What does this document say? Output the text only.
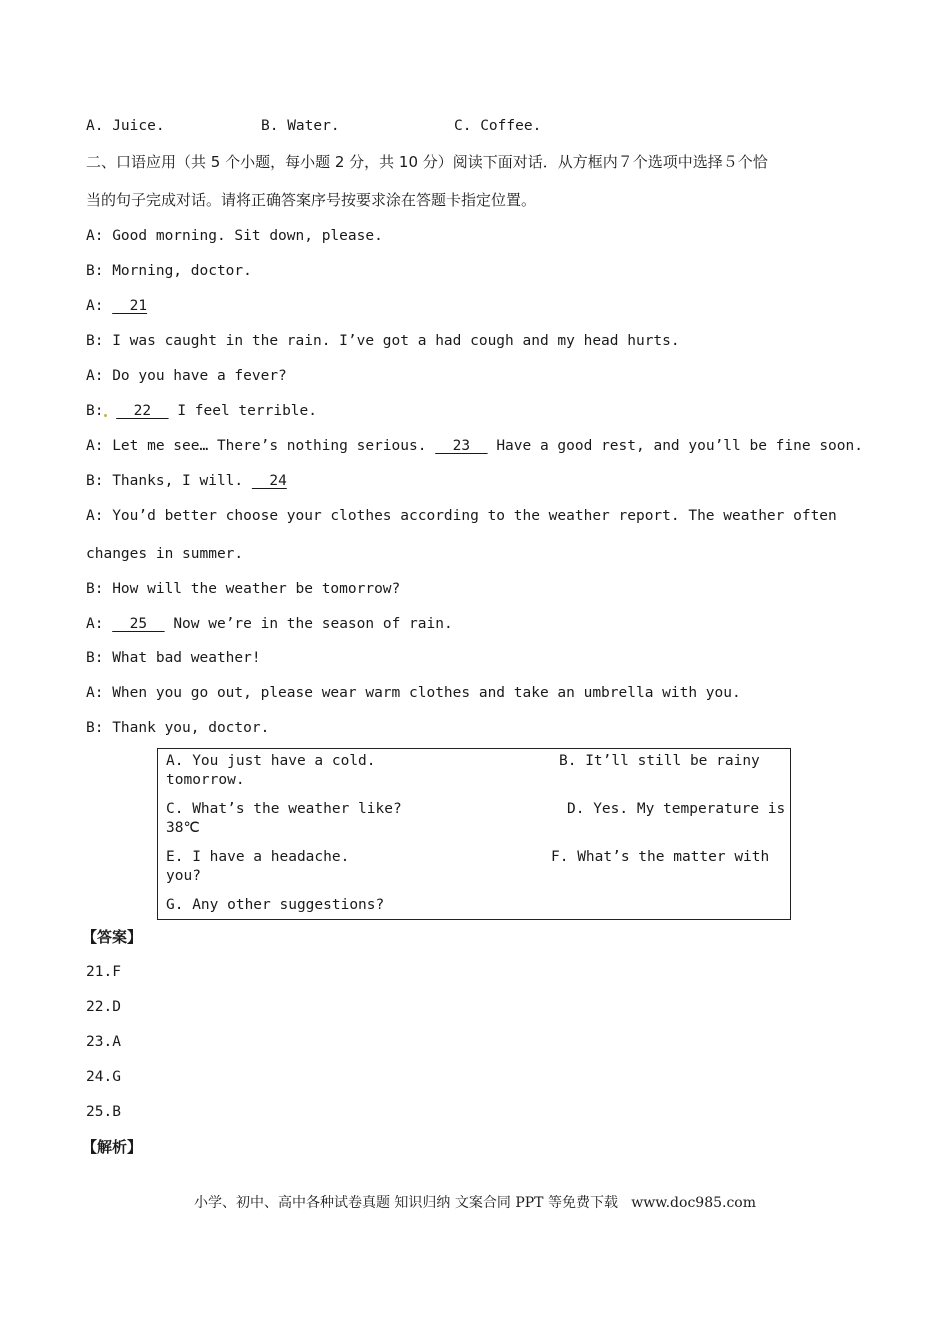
A. Juice.	B. Water.	C. Coffee.
二、口语应用（共 5 个小题，每小题 2 分，共 10 分）阅读下面对话．从方框内７个选项中选择５个恰
当的句子完成对话。请将正确答案序号按要求涂在答题卡指定位置。
A: Good morning. Sit down, please.
B: Morning, doctor.
A:   21
B: I was caught in the rain. I’ve got a had cough and my head hurts.
A: Do you have a fever?
B:   22   I feel terrible.
A: Let me see… There’s nothing serious.   23   Have a good rest, and you’ll be fine soon.
B: Thanks, I will.   24
A: You’d better choose your clothes according to the weather report. The weather often
changes in summer.
B: How will the weather be tomorrow?
A:   25   Now we’re in the season of rain.
B: What bad weather!
A: When you go out, please wear warm clothes and take an umbrella with you.
B: Thank you, doctor.
A. You just have a cold.	B. It’ll still be rainy
tomorrow.
C. What’s the weather like?	D. Yes. My temperature is
38℃
E. I have a headache.	F. What’s the matter with
you?
G. Any other suggestions?
【答案】
21.F
22.D
23.A
24.G
25.B
【解析】
小学、初中、高中各种试卷真题 知识归纳 文案合同 PPT 等免费下载   www.doc985.com
